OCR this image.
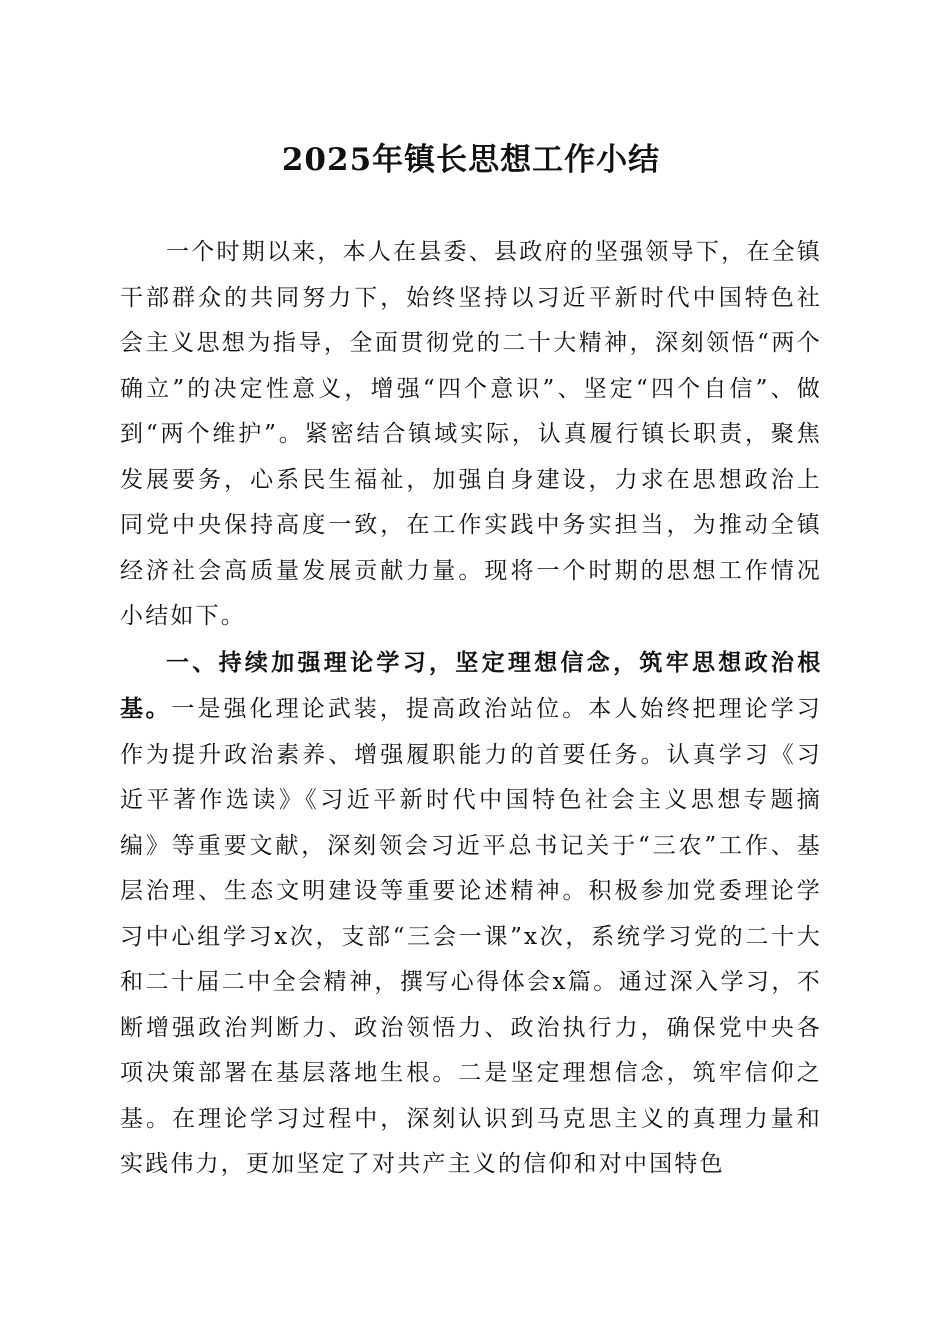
2025年镇长思想工作小结

一个时期以来，本人在县委、县政府的坚强领导下，在全镇干部群众的共同努力下，始终坚持以习近平新时代中国特色社会主义思想为指导，全面贯彻党的二十大精神，深刻领悟“两个确立”的决定性意义，增强“四个意识”、坚定“四个自信”、做到“两个维护”。紧密结合镇域实际，认真履行镇长职责，聚焦发展要务，心系民生福祉，加强自身建设，力求在思想政治上同党中央保持高度一致，在工作实践中务实担当，为推动全镇经济社会高质量发展贡献力量。现将一个时期的思想工作情况小结如下。

一、持续加强理论学习，坚定理想信念，筑牢思想政治根基。一是强化理论武装，提高政治站位。本人始终把理论学习作为提升政治素养、增强履职能力的首要任务。认真学习《习近平著作选读》《习近平新时代中国特色社会主义思想专题摘编》等重要文献，深刻领会习近平总书记关于“三农”工作、基层治理、生态文明建设等重要论述精神。积极参加党委理论学习中心组学习x次，支部“三会一课”x次，系统学习党的二十大和二十届二中全会精神，撰写心得体会x篇。通过深入学习，不断增强政治判断力、政治领悟力、政治执行力，确保党中央各项决策部署在基层落地生根。二是坚定理想信念，筑牢信仰之基。在理论学习过程中，深刻认识到马克思主义的真理力量和实践伟力，更加坚定了对共产主义的信仰和对中国特色
